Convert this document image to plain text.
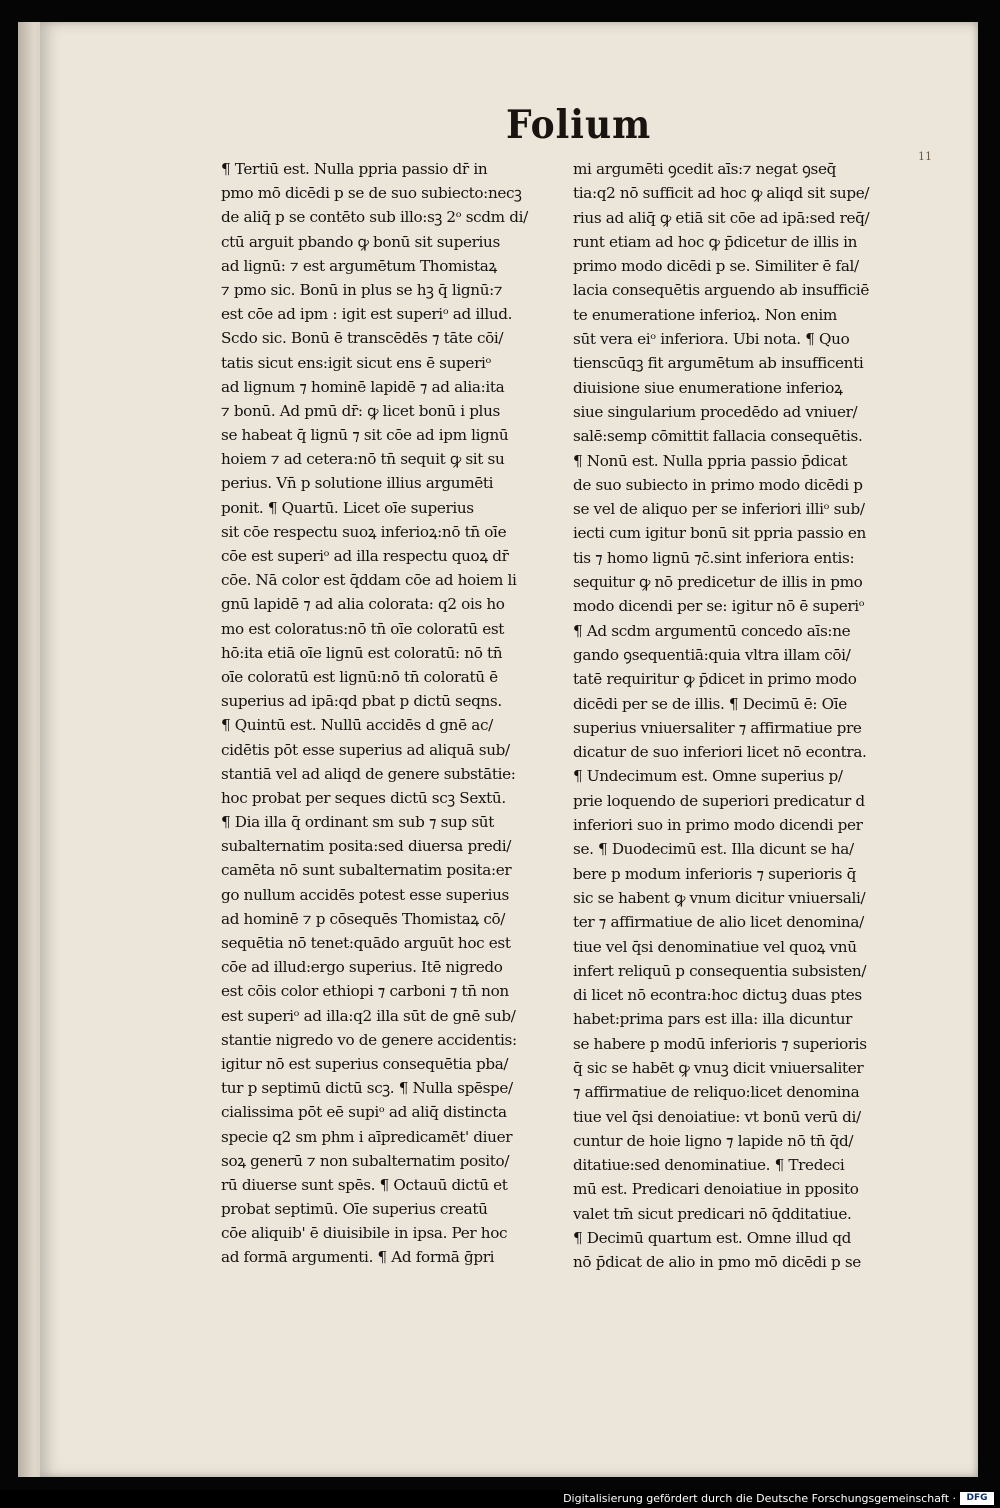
Folium
11
¶ Tertiū est. Nulla ppria passio dr̄ in
pmo mō dicēdi p se de suo subiecto:necꝫ
de aliq̄ p se contēto sub illo:sꝫ 2ᵒ scdm di/
ctū arguit pbando ꝙ bonū sit superius
ad lignū: ⁊ est argumētum Thomistaꝝ
⁊ pmo sic. Bonū in plus se hꝫ q̄ lignū:⁊
est cōe ad ipm : igit est superiᵒ ad illud.
Scdo sic. Bonū ē transcēdēs ⁊ tāte cōi/
tatis sicut ens:igit sicut ens ē superiᵒ
ad lignum ⁊ hominē lapidē ⁊ ad alia:ita
⁊ bonū. Ad pmū dr̄: ꝙ licet bonū i plus
se habeat q̄ lignū ⁊ sit cōe ad ipm lignū
hoiem ⁊ ad cetera:nō tn̄ sequit ꝙ sit su
perius. Vn̄ p solutione illius argumēti
ponit. ¶ Quartū. Licet oīe superius
sit cōe respectu suoꝝ inferioꝝ:nō tn̄ oīe
cōe est superiᵒ ad illa respectu quoꝝ dr̄
cōe. Nā color est q̄ddam cōe ad hoiem li
gnū lapidē ⁊ ad alia colorata: q2 ois ho
mo est coloratus:nō tn̄ oīe coloratū est
hō:ita etiā oīe lignū est coloratū: nō tn̄
oīe coloratū est lignū:nō tn̄ coloratū ē
superius ad ipā:qd pbat p dictū seqns.
¶ Quintū est. Nullū accidēs d gnē ac/
cidētis pōt esse superius ad aliquā sub/
stantiā vel ad aliqd de genere substātie:
hoc probat per seques dictū scꝫ Sextū.
¶ Dia illa q̄ ordinant sm sub ⁊ sup sūt
subalternatim posita:sed diuersa predi/
camēta nō sunt subalternatim posita:er
go nullum accidēs potest esse superius
ad hominē ⁊ p cōsequēs Thomistaꝝ cō/
sequētia nō tenet:quādo arguūt hoc est
cōe ad illud:ergo superius. Itē nigredo
est cōis color ethiopi ⁊ carboni ⁊ tn̄ non
est superiᵒ ad illa:q2 illa sūt de gnē sub/
stantie nigredo vo de genere accidentis:
igitur nō est superius consequētia pba/
tur p septimū dictū scꝫ. ¶ Nulla spēspe/
cialissima pōt eē supiᵒ ad aliq̄ distincta
specie q2 sm phm i aīpredicamēt' diuer
soꝝ generū ⁊ non subalternatim posito/
rū diuerse sunt spēs. ¶ Octauū dictū et
probat septimū. Oīe superius creatū
cōe aliquib' ē diuisibile in ipsa. Per hoc
ad formā argumenti. ¶ Ad formā ḡpri
mi argumēti ꝯcedit aīs:⁊ negat ꝯseq̄
tia:q2 nō sufficit ad hoc ꝙ aliqd sit supe/
rius ad aliq̄ ꝙ etiā sit cōe ad ipā:sed req̄/
runt etiam ad hoc ꝙ p̄dicetur de illis in
primo modo dicēdi p se. Similiter ē fal/
lacia consequētis arguendo ab insufficiē
te enumeratione inferioꝝ. Non enim
sūt vera eiᵒ inferiora. Ubi nota. ¶ Quo
tienscūqꝫ fit argumētum ab insufficenti
diuisione siue enumeratione inferioꝝ
siue singularium procedēdo ad vniuer/
salē:semp cōmittit fallacia consequētis.
¶ Nonū est. Nulla ppria passio p̄dicat
de suo subiecto in primo modo dicēdi p
se vel de aliquo per se inferiori illiᵒ sub/
iecti cum igitur bonū sit ppria passio en
tis ⁊ homo lignū ⁊c̄.sint inferiora entis:
sequitur ꝙ nō predicetur de illis in pmo
modo dicendi per se: igitur nō ē superiᵒ
¶ Ad scdm argumentū concedo aīs:ne
gando ꝯsequentiā:quia vltra illam cōi/
tatē requiritur ꝙ p̄dicet in primo modo
dicēdi per se de illis. ¶ Decimū ē: Oīe
superius vniuersaliter ⁊ affirmatiue pre
dicatur de suo inferiori licet nō econtra.
¶ Undecimum est. Omne superius p/
prie loquendo de superiori predicatur d
inferiori suo in primo modo dicendi per
se. ¶ Duodecimū est. Illa dicunt se ha/
bere p modum inferioris ⁊ superioris q̄
sic se habent ꝙ vnum dicitur vniuersali/
ter ⁊ affirmatiue de alio licet denomina/
tiue vel q̄si denominatiue vel quoꝝ vnū
infert reliquū p consequentia subsisten/
di licet nō econtra:hoc dictuꝫ duas ptes
habet:prima pars est illa: illa dicuntur
se habere p modū inferioris ⁊ superioris
q̄ sic se habēt ꝙ vnuꝫ dicit vniuersaliter
⁊ affirmatiue de reliquo:licet denomina
tiue vel q̄si denoiatiue: vt bonū verū di/
cuntur de hoie ligno ⁊ lapide nō tn̄ q̄d/
ditatiue:sed denominatiue. ¶ Tredeci
mū est. Predicari denoiatiue in pposito
valet tm̄ sicut predicari nō q̄dditatiue.
¶ Decimū quartum est. Omne illud qd
nō p̄dicat de alio in pmo mō dicēdi p se
Digitalisierung gefördert durch die Deutsche Forschungsgemeinschaft ·	DFG
